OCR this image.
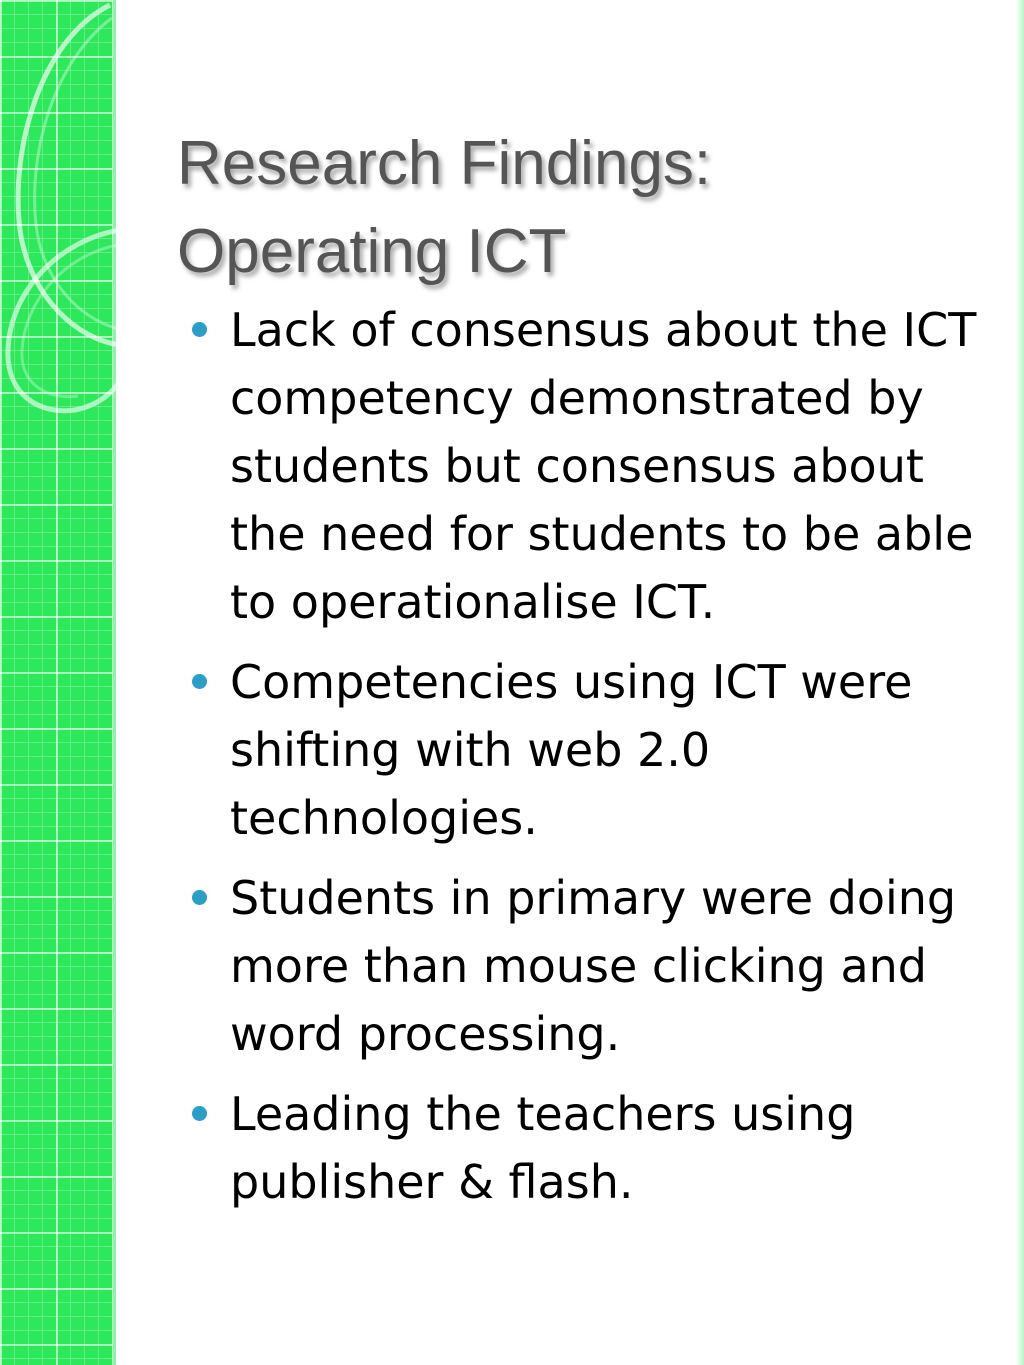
Research Findings:
Operating ICT
Lack of consensus about the ICT competency demonstrated by students but consensus about the need for students to be able to operationalise ICT.
Competencies using ICT were shifting with web 2.0 technologies.
Students in primary were doing more than mouse clicking and word processing.
Leading the teachers using publisher & flash.
